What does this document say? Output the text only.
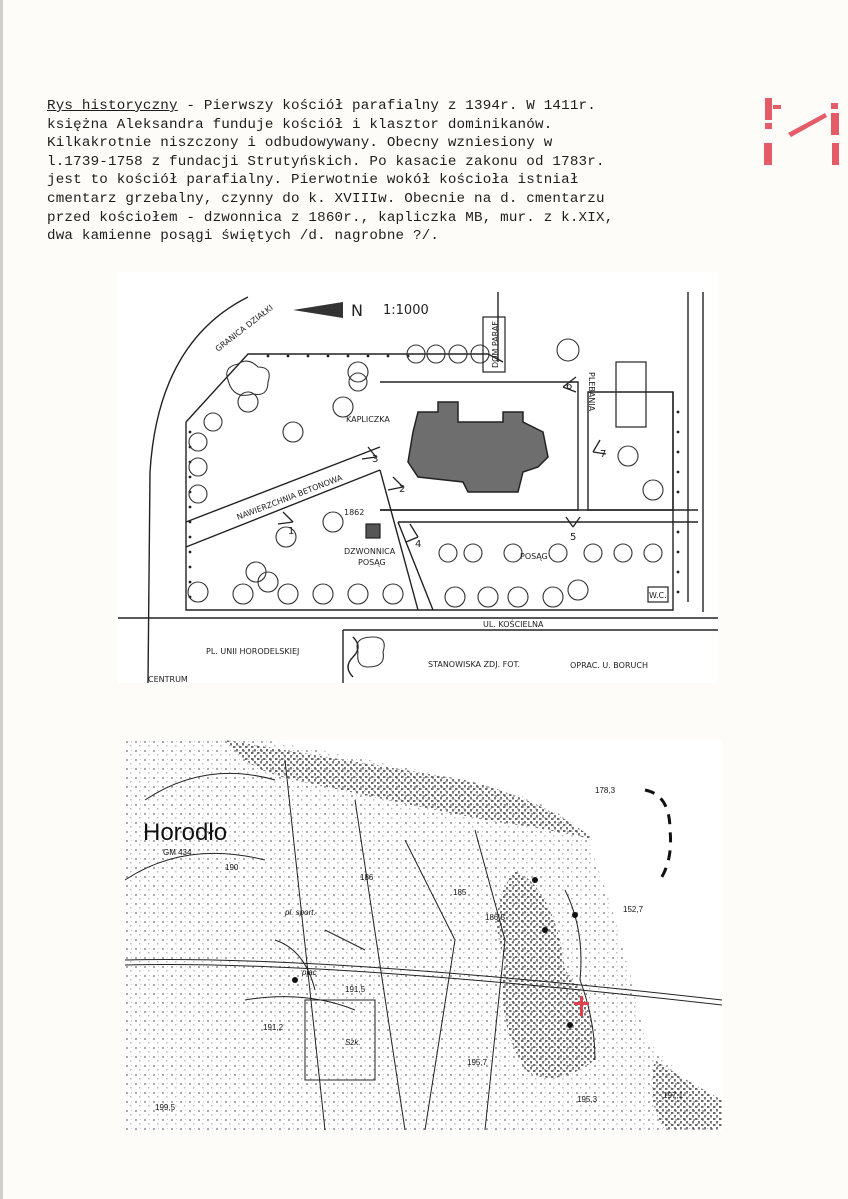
Rys historyczny - Pierwszy kościół parafialny z 1394r. W 1411r.
księżna Aleksandra funduje kościół i klasztor dominikanów.
Kilkakrotnie niszczony i odbudowywany. Obecny wzniesiony w
l.1739-1758 z fundacji Strutyńskich. Po kasacie zakonu od 1783r.
jest to kościół parafialny. Pierwotnie wokół kościoła istniał
cmentarz grzebalny, czynny do k. XVIIIw. Obecnie na d. cmentarzu
przed kościołem - dzwonnica z 1860r., kapliczka MB, mur. z k.XIX,
dwa kamienne posągi świętych /d. nagrobne ?/.
1:1000
N
GRANICA DZIAŁKI	DOM PARAF.
PLEBANIA
KAPLICZKA
NAWIERZCHNIA BETONOWA 1862
DZWONNICA
POSĄG
POSĄG
W.C.
UL. KOŚCIELNA
PL. UNII HORODELSKIEJ
CENTRUM
STANOWISKA ZDJ. FOT.	OPRAC. U. BORUCH
1
2
3
4
5
6
7
Horodło
GM 434
190
186
185
186,5
191,5
191,2
195,7
195,3
199,5
178,3
152,7
197,1
pl. sport.
Szk.
plac
